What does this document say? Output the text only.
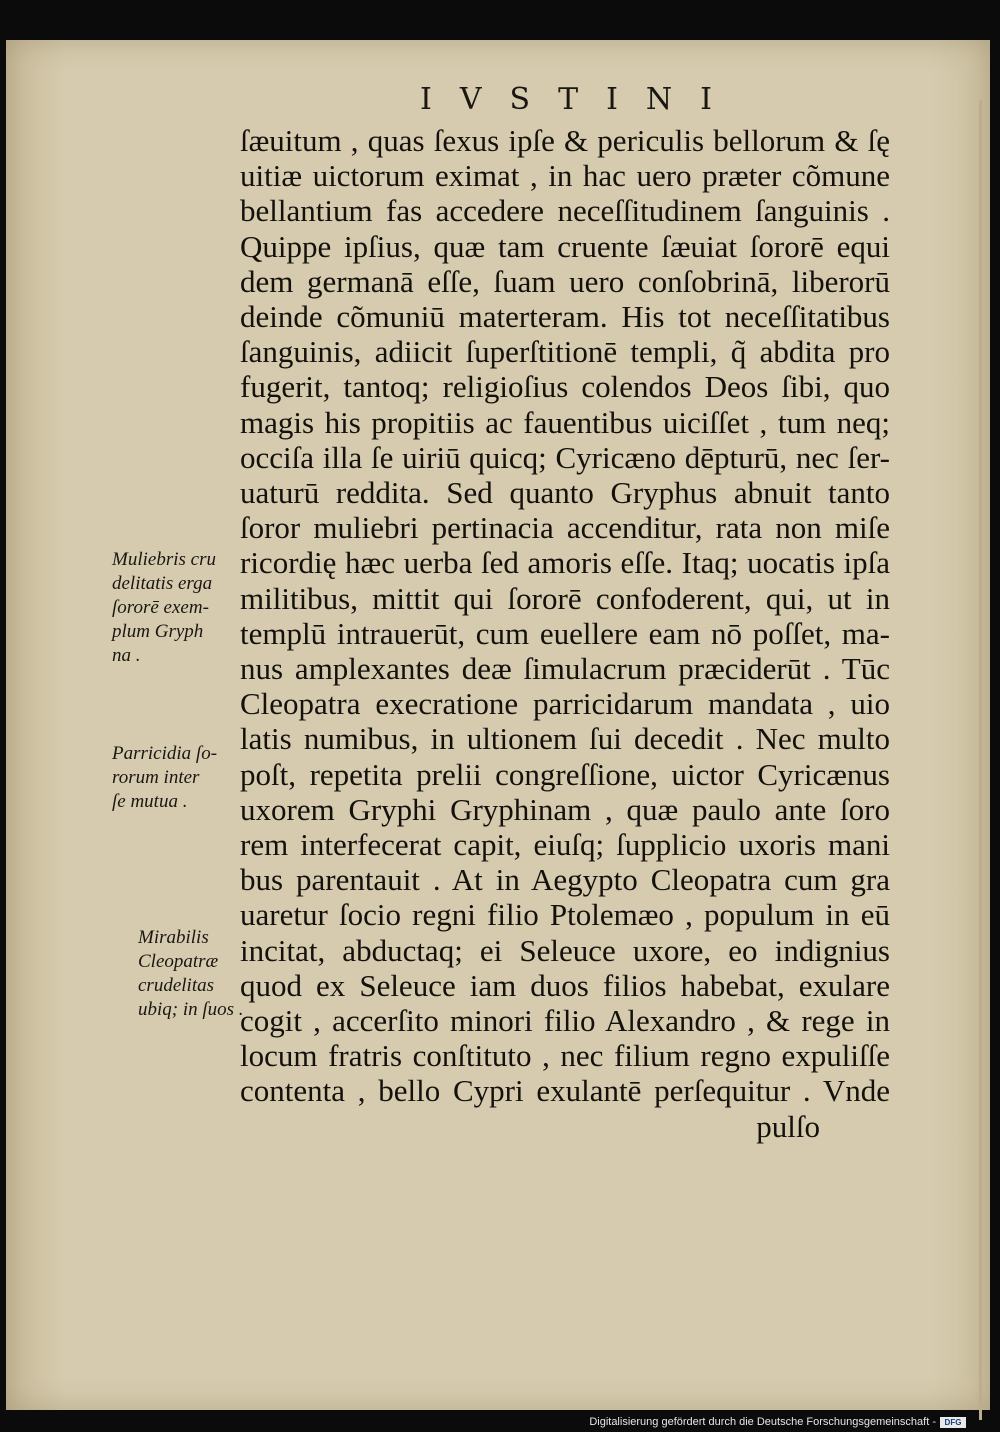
IVSTINI
ſæuitum , quas ſexus ipſe & periculis bellorum & ſę
uitiæ uictorum eximat , in hac uero præter cõmune
bellantium fas accedere neceſſitudinem ſanguinis .
Quippe ipſius, quæ tam cruente ſæuiat ſororē equi
dem germanā eſſe, ſuam uero conſobrinā, liberorū
deinde cõmuniū materteram. His tot neceſſitatibus
ſanguinis, adiicit ſuperſtitionē templi, q̃ abdita pro
fugerit, tantoq; religioſius colendos Deos ſibi, quo
magis his propitiis ac fauentibus uiciſſet , tum neq;
occiſa illa ſe uiriū quicq; Cyricæno dēpturū, nec ſer-
uaturū reddita. Sed quanto Gryphus abnuit tanto
ſoror muliebri pertinacia accenditur, rata non miſe
ricordię hæc uerba ſed amoris eſſe. Itaq; uocatis ipſa
militibus, mittit qui ſororē confoderent, qui, ut in
templū intrauerūt, cum euellere eam nō poſſet, ma-
nus amplexantes deæ ſimulacrum præciderūt . Tūc
Cleopatra execratione parricidarum mandata , uio
latis numibus, in ultionem ſui decedit . Nec multo
poſt, repetita prelii congreſſione, uictor Cyricænus
uxorem Gryphi Gryphinam , quæ paulo ante ſoro
rem interfecerat capit, eiuſq; ſupplicio uxoris mani
bus parentauit . At in Aegypto Cleopatra cum gra
uaretur ſocio regni filio Ptolemæo , populum in eū
incitat, abductaq; ei Seleuce uxore, eo indignius
quod ex Seleuce iam duos filios habebat, exulare
cogit , accerſito minori filio Alexandro , & rege in
locum fratris conſtituto , nec filium regno expuliſſe
contenta , bello Cypri exulantē perſequitur . Vnde
pulſo
Muliebris cru
delitatis erga
ſororē exem-
plum Gryph
na .
Parricidia ſo-
rorum inter
ſe mutua .
Mirabilis
Cleopatræ
crudelitas
ubiq; in ſuos .
Digitalisierung gefördert durch die Deutsche Forschungsgemeinschaft -	DFG
